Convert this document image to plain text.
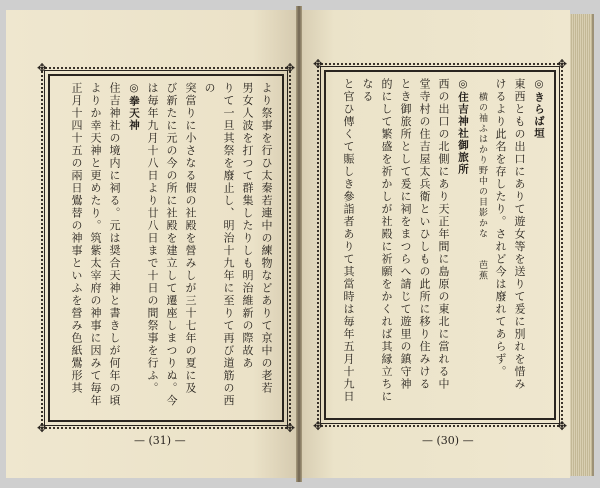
✥	✥
✥	✥
より祭事を行ひ太秦若連中の練物などありて京中の老若
男女人波を打つて群集したりしも明治維新の際故あ
りて一旦其祭を廢止し、明治十九年に至りて再び道筋の西の
突當りに小さなる假の社殿を營みしが三十七年の夏に及
び新たに元の今の所に社殿を建立して遷座しまつりぬ。今
は毎年九月十八日より廿八日まで十日の間祭事を行ふ。
◎拳天神
住吉神社の境内に祠る。元は奨合天神と書きしが何年の頃
よりか幸天神と更めたり。筑紫太宰府の神事に因みて毎年
正月十四十五の兩日鷽替の神事といふを營み色紙鷽形其
— (31) —
✥	✥
✥	✥
◎きらば垣
東西ともの出口にありて遊女等を送りて爰に別れを惜み
けるより此名を存したり。されど今は廢れてあらず。
横の袖ふはかり野中の目影かな　　芭蕉
◎住吉神社御旅所
西の出口の北側にあり天正年間に島原の東北に當れる中
堂寺村の住吉屋太兵衛といひしもの此所に移り住みける
とき御旅所として爰に祠をまつらへ請じて遊里の鎮守神
的にして繁盛を祈かしが社殿に祈願をかくれば其縁立ちになる
と官ひ傳くて賑しき參詣者ありて其當時は毎年五月十九日
— (30) —
